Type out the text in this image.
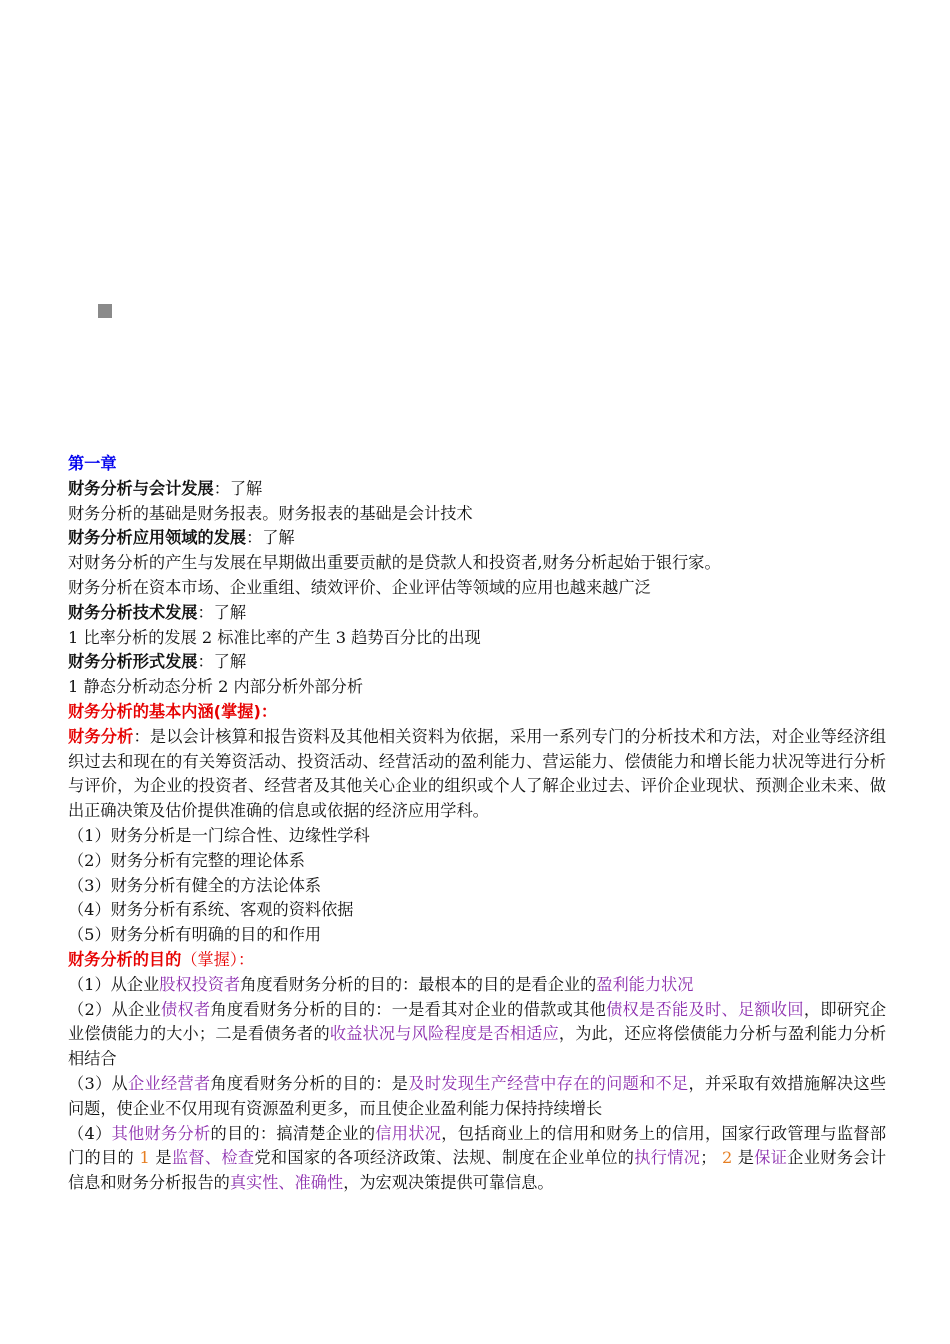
第一章

财务分析与会计发展：了解

财务分析的基础是财务报表。财务报表的基础是会计技术

财务分析应用领域的发展：了解

对财务分析的产生与发展在早期做出重要贡献的是贷款人和投资者,财务分析起始于银行家。

财务分析在资本市场、企业重组、绩效评价、企业评估等领域的应用也越来越广泛

财务分析技术发展：了解

1 比率分析的发展 2 标准比率的产生 3 趋势百分比的出现

财务分析形式发展：了解

1 静态分析动态分析 2 内部分析外部分析

财务分析的基本内涵(掌握)：

财务分析：是以会计核算和报告资料及其他相关资料为依据，采用一系列专门的分析技术和方法，对企业等经济组织过去和现在的有关筹资活动、投资活动、经营活动的盈利能力、营运能力、偿债能力和增长能力状况等进行分析与评价，为企业的投资者、经营者及其他关心企业的组织或个人了解企业过去、评价企业现状、预测企业未来、做出正确决策及估价提供准确的信息或依据的经济应用学科。

（1）财务分析是一门综合性、边缘性学科

（2）财务分析有完整的理论体系

（3）财务分析有健全的方法论体系

（4）财务分析有系统、客观的资料依据

（5）财务分析有明确的目的和作用

财务分析的目的（掌握）：

（1）从企业股权投资者角度看财务分析的目的：最根本的目的是看企业的盈利能力状况

（2）从企业债权者角度看财务分析的目的：一是看其对企业的借款或其他债权是否能及时、足额收回，即研究企业偿债能力的大小；二是看债务者的收益状况与风险程度是否相适应，为此，还应将偿债能力分析与盈利能力分析相结合

（3）从企业经营者角度看财务分析的目的：是及时发现生产经营中存在的问题和不足，并采取有效措施解决这些问题，使企业不仅用现有资源盈利更多，而且使企业盈利能力保持持续增长

（4）其他财务分析的目的：搞清楚企业的信用状况，包括商业上的信用和财务上的信用，国家行政管理与监督部门的目的 1 是监督、检查党和国家的各项经济政策、法规、制度在企业单位的执行情况； 2 是保证企业财务会计信息和财务分析报告的真实性、准确性，为宏观决策提供可靠信息。
